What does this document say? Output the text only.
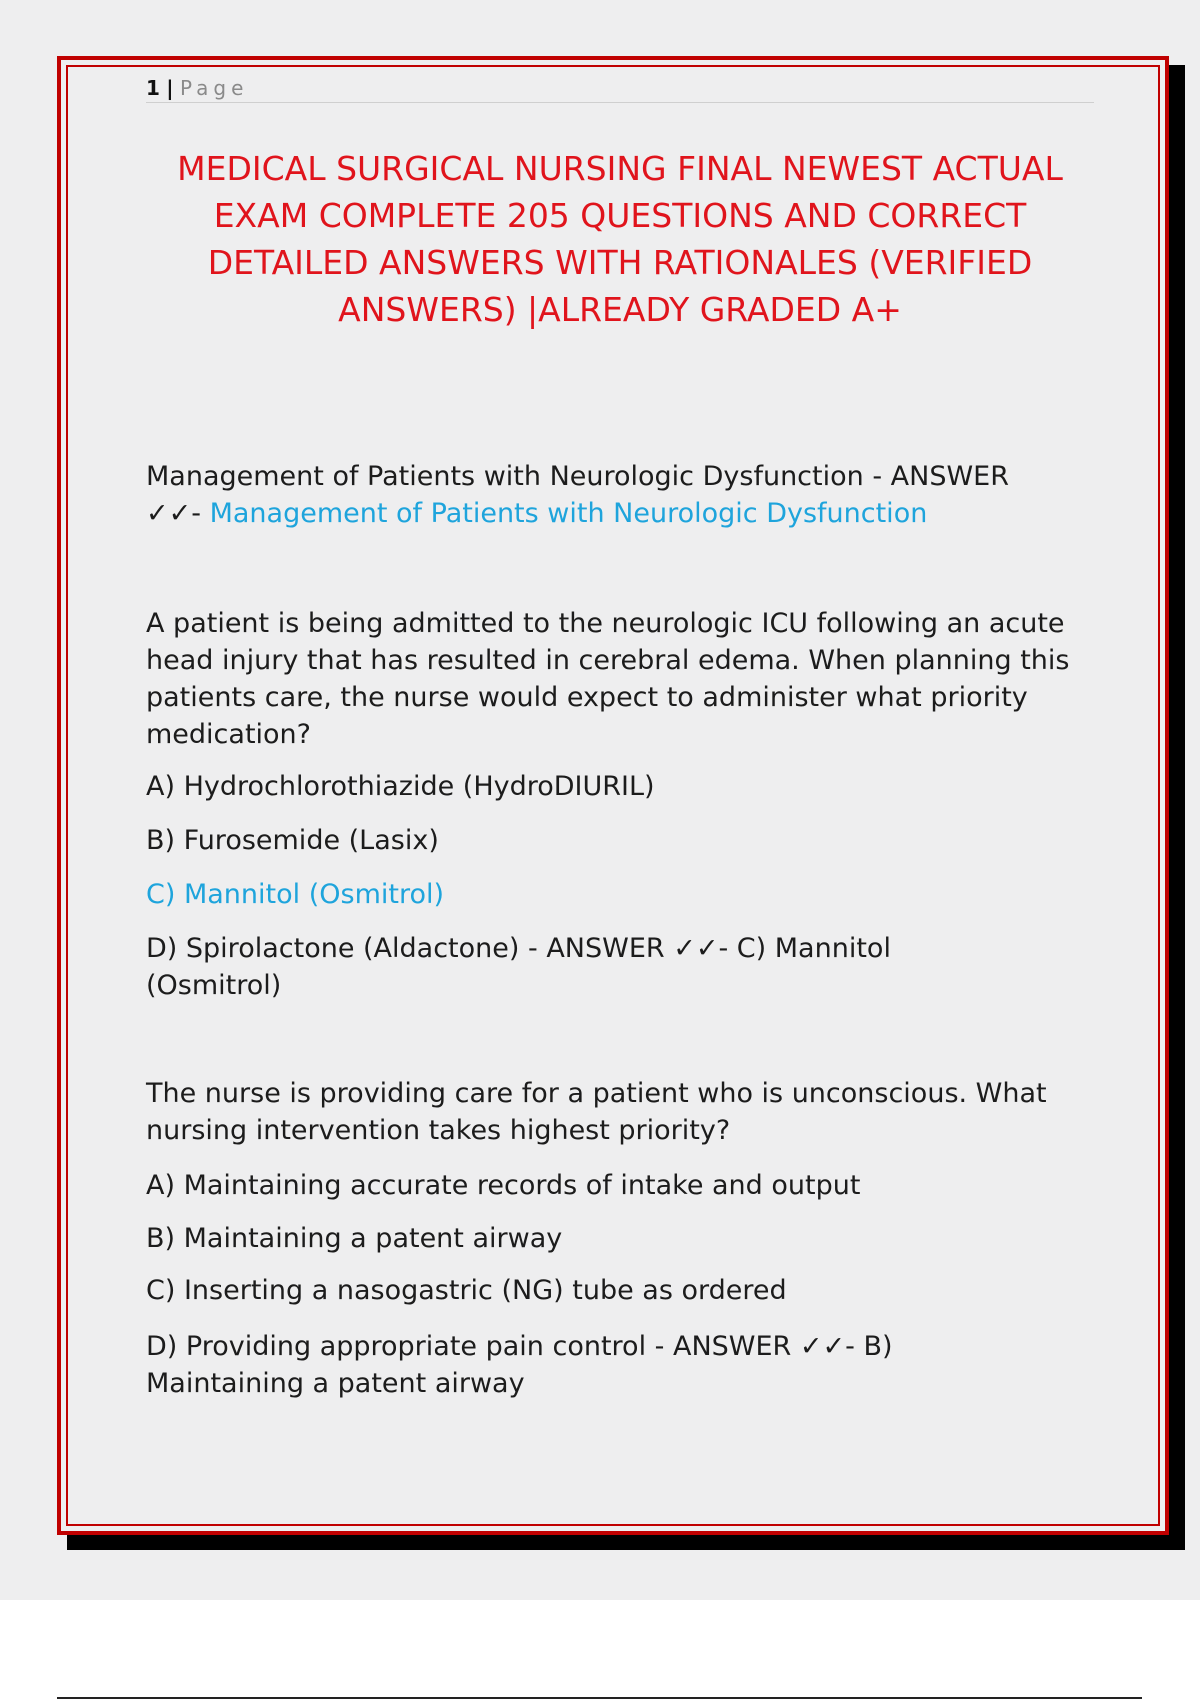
1 | Page
MEDICAL SURGICAL NURSING FINAL NEWEST ACTUAL EXAM COMPLETE 205 QUESTIONS AND CORRECT DETAILED ANSWERS WITH RATIONALES (VERIFIED ANSWERS) |ALREADY GRADED A+
Management of Patients with Neurologic Dysfunction - ANSWER
✓✓- Management of Patients with Neurologic Dysfunction
A patient is being admitted to the neurologic ICU following an acute head injury that has resulted in cerebral edema. When planning this patients care, the nurse would expect to administer what priority medication?
A) Hydrochlorothiazide (HydroDIURIL)
B) Furosemide (Lasix)
C) Mannitol (Osmitrol)
D) Spirolactone (Aldactone) - ANSWER ✓✓- C) Mannitol (Osmitrol)
The nurse is providing care for a patient who is unconscious. What nursing intervention takes highest priority?
A) Maintaining accurate records of intake and output
B) Maintaining a patent airway
C) Inserting a nasogastric (NG) tube as ordered
D) Providing appropriate pain control - ANSWER ✓✓- B) Maintaining a patent airway
